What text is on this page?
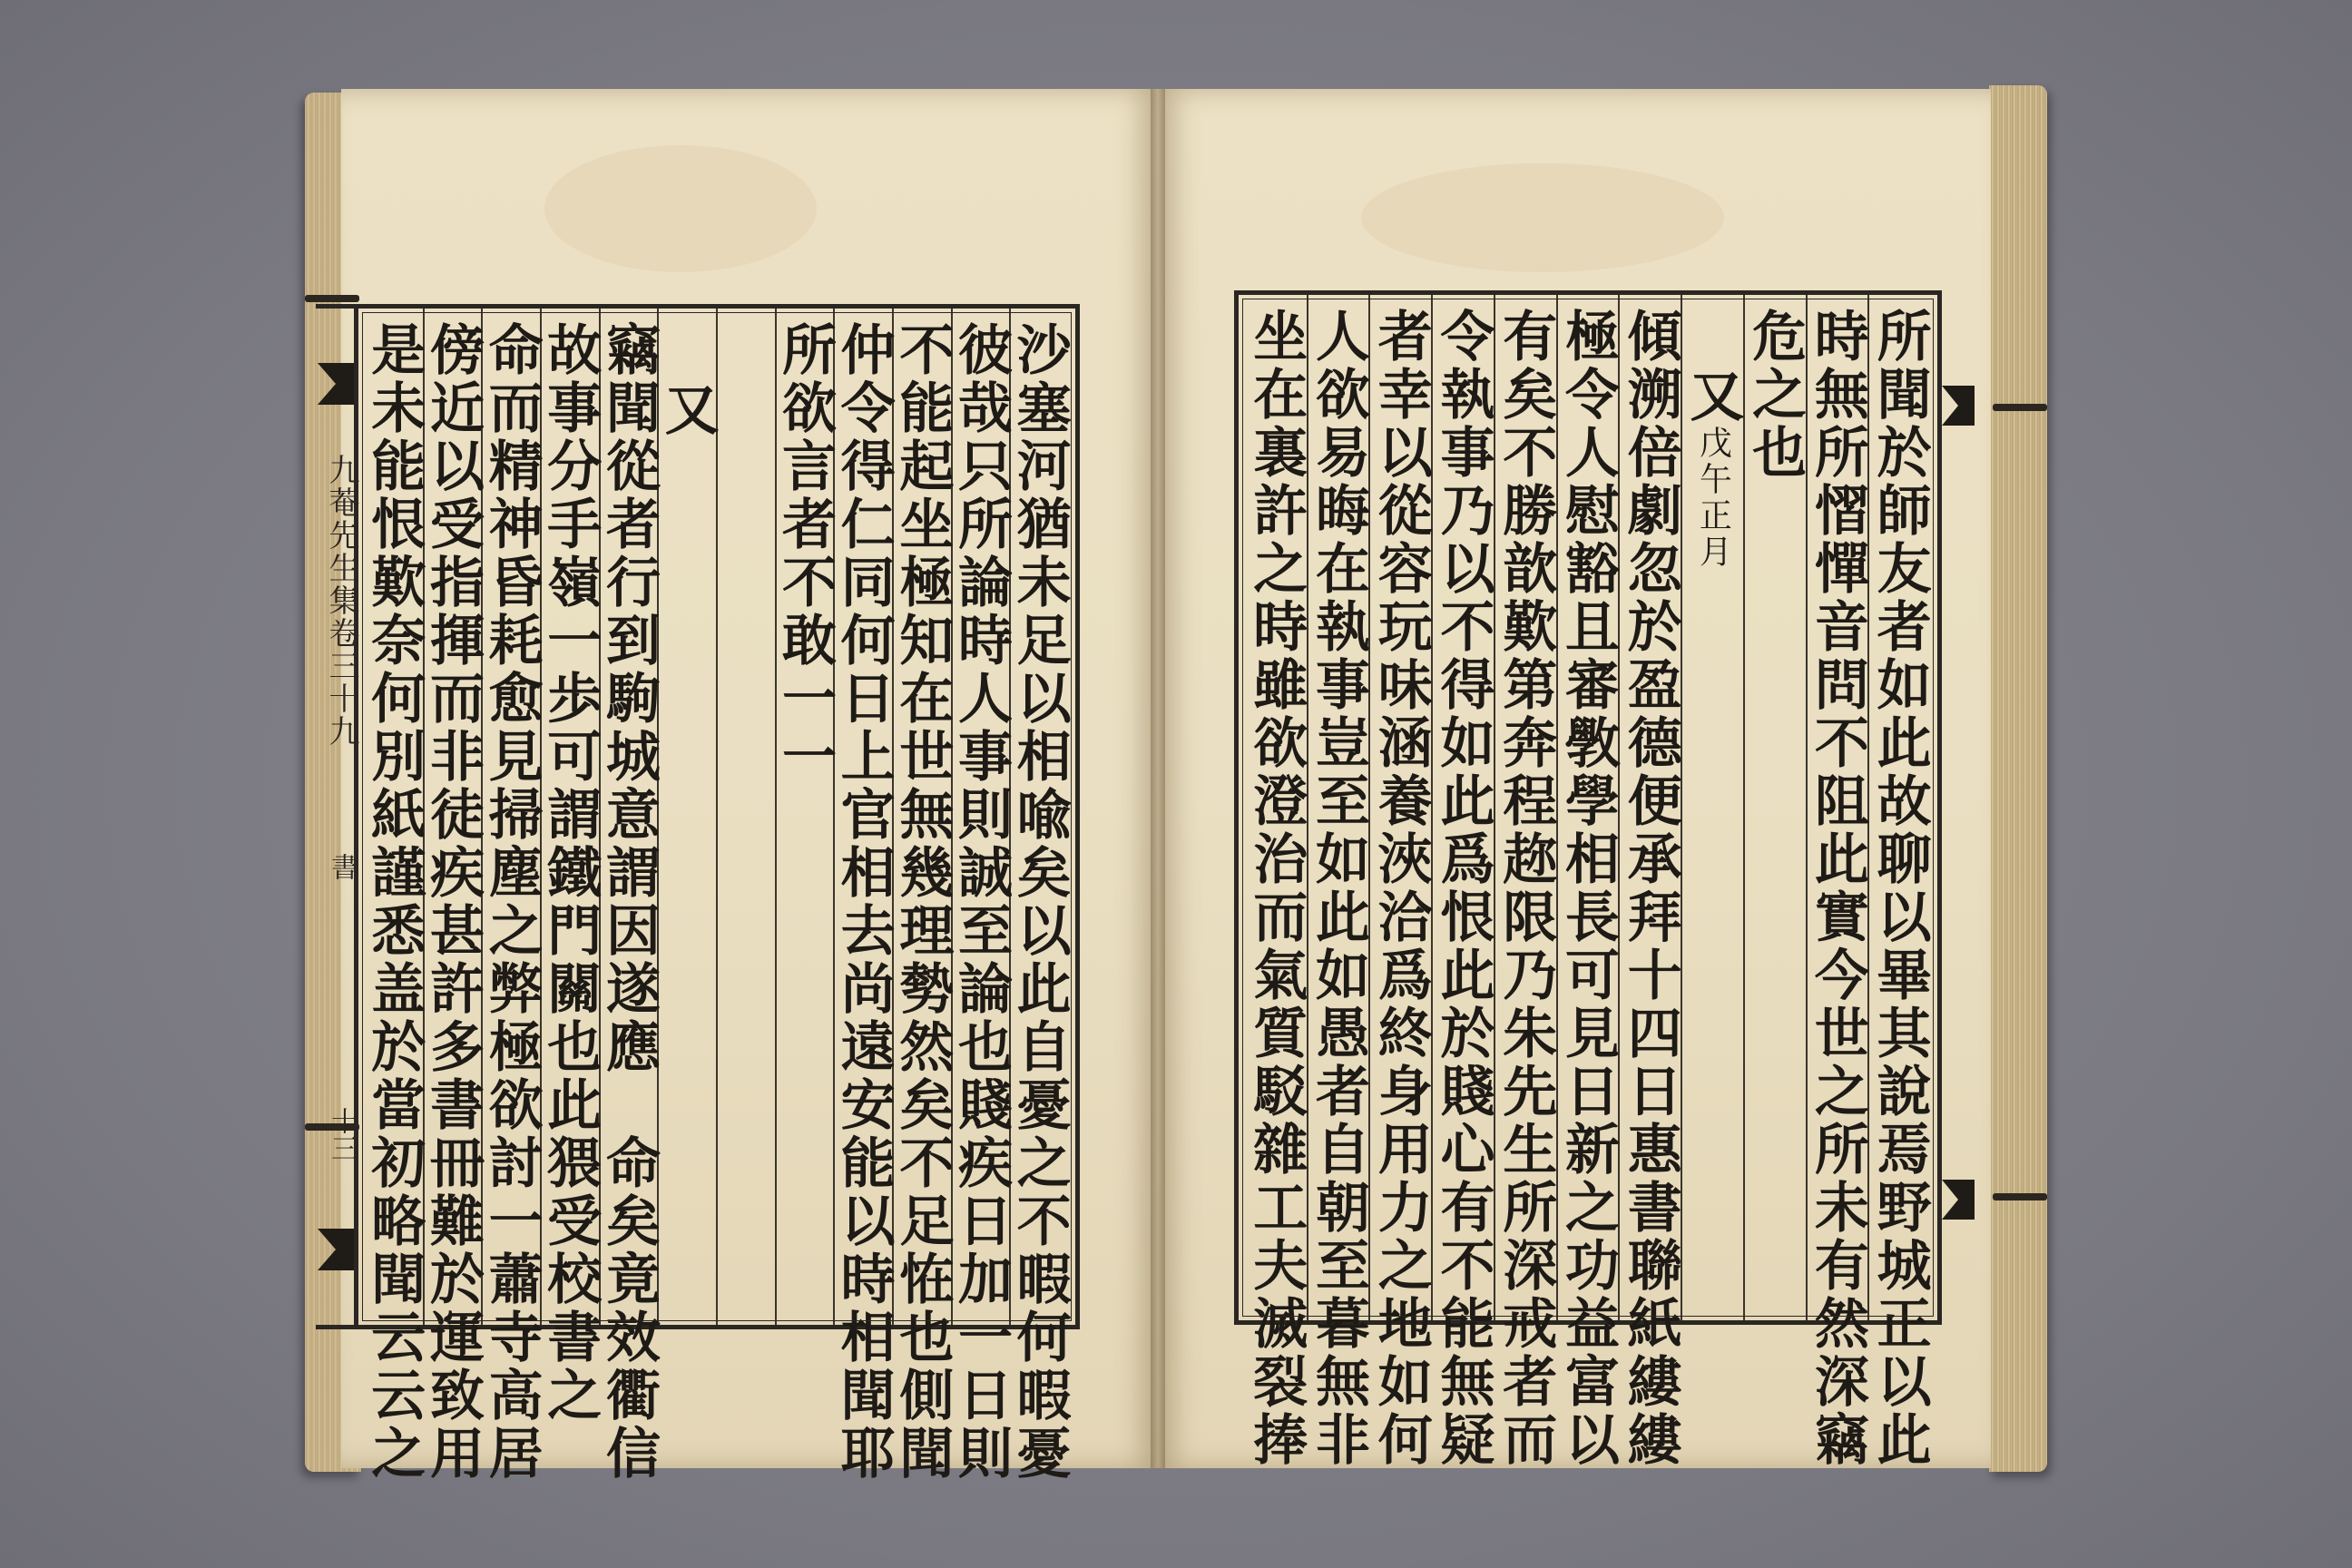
九菴先生集卷三十九
書
十三	沙塞河猶未足以相喩矣以此自憂之不暇何暇憂
彼哉只所論時人事則誠至論也賤疾日加一日則
不能起坐極知在世無幾理勢然矣不足恠也側聞
仲令得仁同何日上官相去尚遠安能以時相聞耶
所欲言者不敢一一
又
竊聞從者行到駒城意謂因遂應　命矣竟效衢信
故事分手嶺一歩可謂鐵門關也此猥受校書之
命而精神昏耗愈見掃塵之弊極欲討一蕭寺高居
傍近以受指揮而非徒疾甚許多書冊難於運致用
是未能恨歎奈何別紙謹悉盖於當初略聞云云之	所聞於師友者如此故聊以畢其說焉野城正以此
時無所慴憚音問不阻此實今世之所未有然深竊
危之也
又戊午正月
傾溯倍劇忽於盈德便承拜十四日惠書聯紙縷縷
極令人慰豁且審斆學相長可見日新之功益富以
有矣不勝歆歎第奔程趂限乃朱先生所深戒者而
令執事乃以不得如此爲恨此於賤心有不能無疑
者幸以從容玩味涵養浹洽爲終身用力之地如何
人欲易晦在執事豈至如此如愚者自朝至暮無非
坐在裏許之時雖欲澄治而氣質駁雜工夫滅裂捧
